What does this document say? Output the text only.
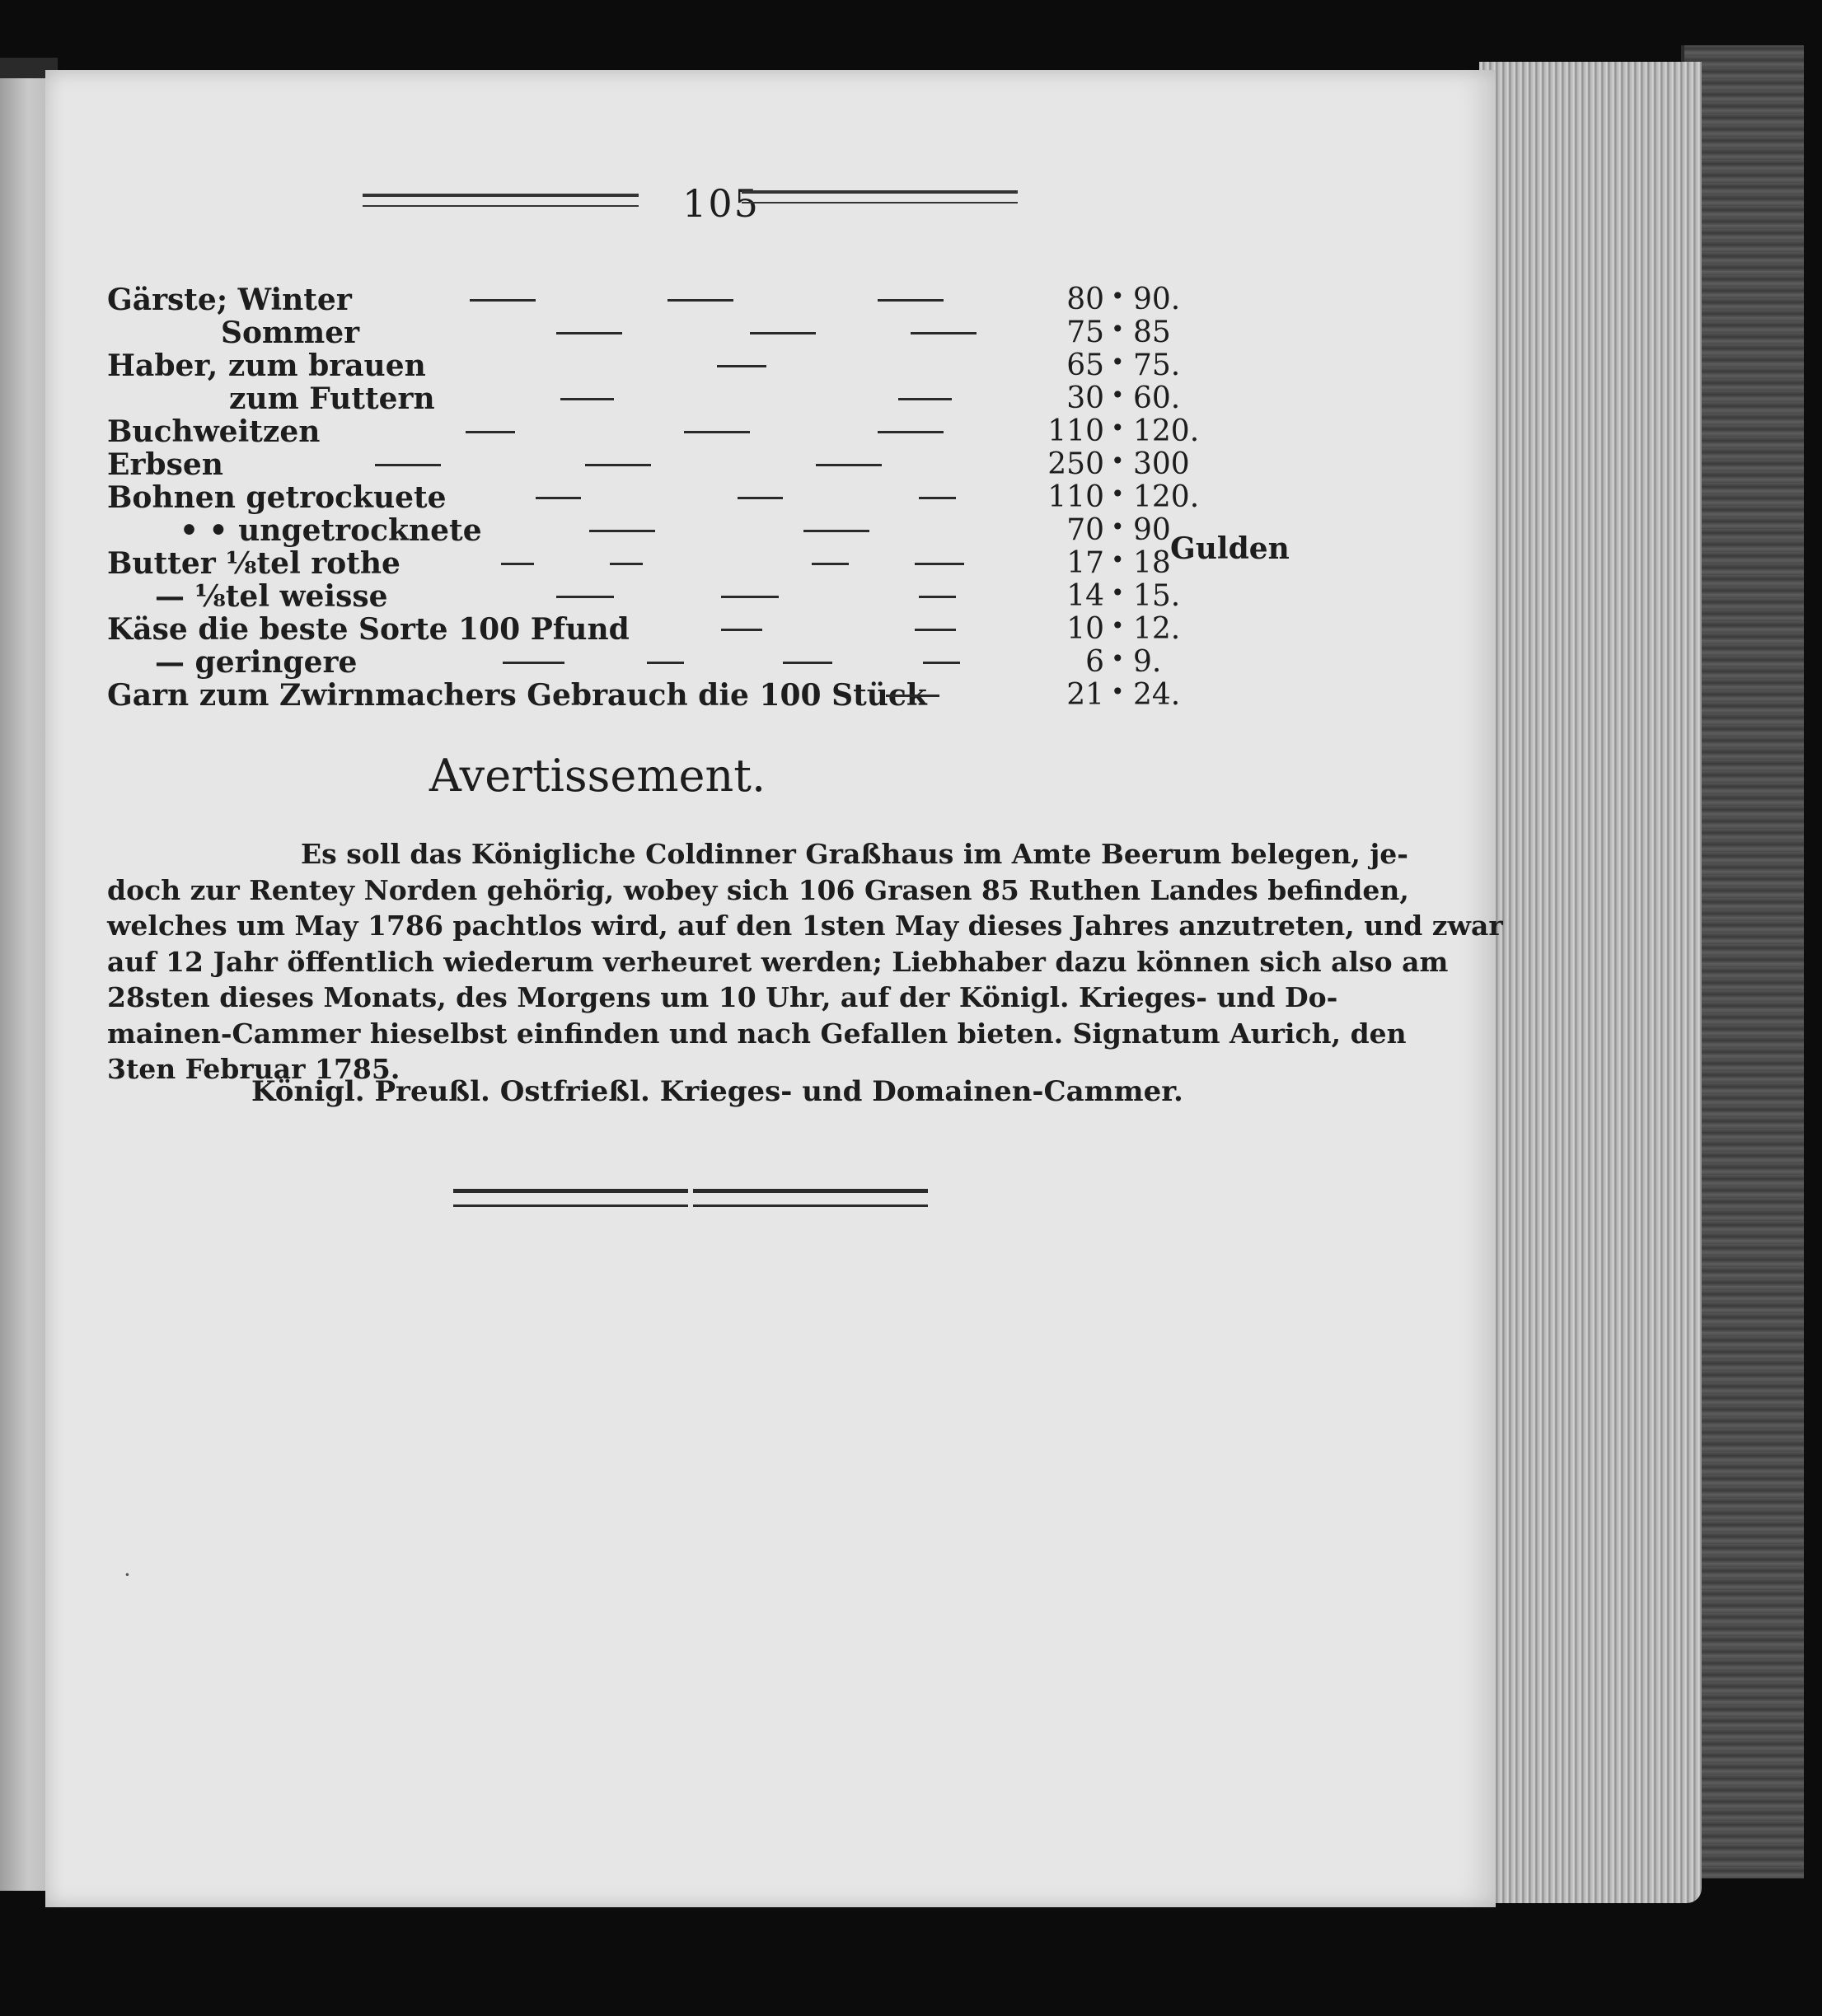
105
Gärste; Winter	80 • 90.
Sommer	75 • 85
Haber, zum brauen	65 • 75.
zum Futtern	30 • 60.
Buchweitzen	110 • 120.
Erbsen	250 • 300
Bohnen getrockuete	110 • 120.
• • ungetrocknete	70 • 90
Butter ⅛tel rothe	17 • 18
— ⅛tel weisse	14 • 15.
Käse die beste Sorte 100 Pfund	10 • 12.
— geringere	6 • 9.
Garn zum Zwirnmachers Gebrauch die 100 Stück	21 • 24.
Gulden
Avertissement.
Es soll das Königliche Coldinner Graßhaus im Amte Beerum belegen, je-
doch zur Rentey Norden gehörig, wobey sich 106 Grasen 85 Ruthen Landes befinden,
welches um May 1786 pachtlos wird, auf den 1sten May dieses Jahres anzutreten, und zwar
auf 12 Jahr öffentlich wiederum verheuret werden; Liebhaber dazu können sich also am
28sten dieses Monats, des Morgens um 10 Uhr, auf der Königl. Krieges- und Do-
mainen-Cammer hieselbst einfinden und nach Gefallen bieten. Signatum Aurich, den
3ten Februar 1785.
Königl. Preußl. Ostfrießl. Krieges- und Domainen-Cammer.
·
